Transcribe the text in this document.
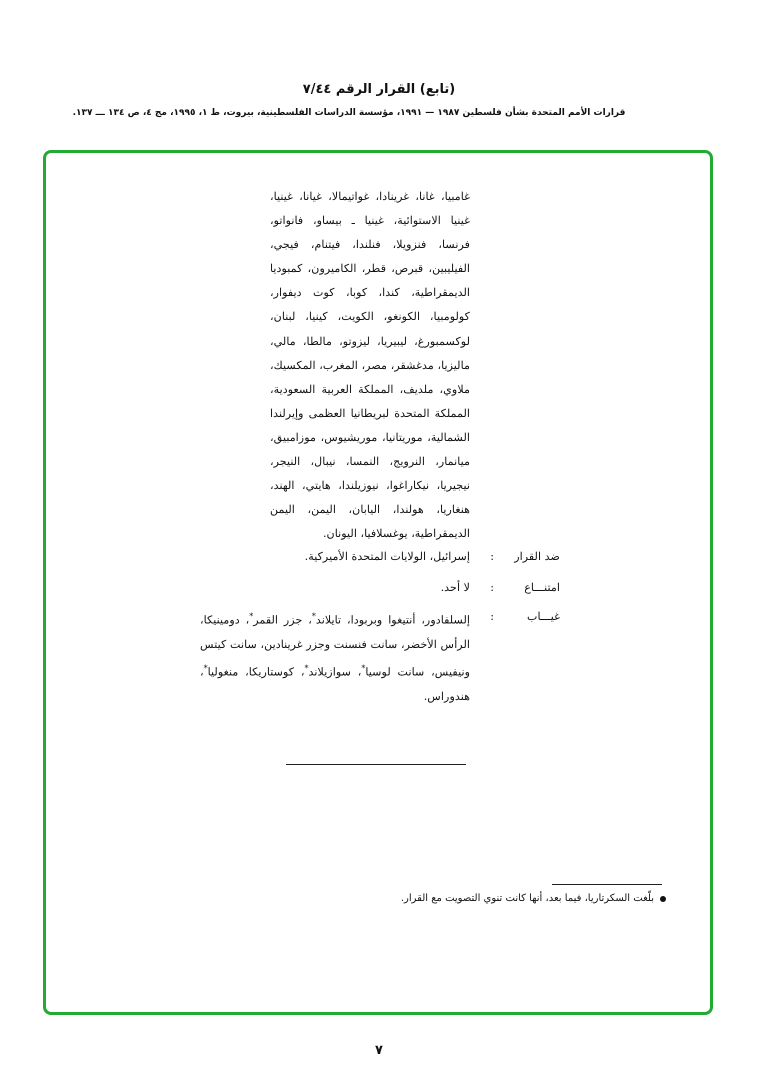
(تابع) القرار الرقم ٧/٤٤
قرارات الأمم المتحدة بشأن فلسطين ١٩٨٧ — ١٩٩١، مؤسسة الدراسات الفلسطينية، بيروت، ط ١، ١٩٩٥، مج ٤، ص ١٣٤ ـــ ١٣٧.

غامبيا، غانا، غرينادا، غواتيمالا، غيانا، غينيا، غينيا الاستوائية، غينيا ـ بيساو، فانواتو، فرنسا، فنزويلا، فنلندا، فيتنام، فيجي، الفيليبين، قبرص، قطر، الكاميرون، كمبوديا الديمقراطية، كندا، كوبا، كوت ديفوار، كولومبيا، الكونغو، الكويت، كينيا، لبنان، لوكسمبورغ، ليبيريا، ليزوتو، مالطا، مالي، ماليزيا، مدغشقر، مصر، المغرب، المكسيك، ملاوي، ملديف، المملكة العربية السعودية، المملكة المتحدة لبريطانيا العظمى وإيرلندا الشمالية، موريتانيا، موريشيوس، موزامبيق، ميانمار، النرويج، النمسا، نيبال، النيجر، نيجيريا، نيكاراغوا، نيوزيلندا، هايتي، الهند، هنغاريا، هولندا، اليابان، اليمن، اليمن الديمقراطية، يوغسلافيا، اليونان.

ضد القرار
:
إسرائيل، الولايات المتحدة الأميركية.
امتنـــاع
:
لا أحد.
غيـــاب
:
إلسلفادور، أنتيغوا وبربودا، تايلاند*، جزر القمر*، دومينيكا، الرأس الأخضر، سانت فنسنت وجزر غرينادين، سانت كيتس ونيفيس، سانت لوسيا*، سوازيلاند*، كوستاريكا، منغوليا*، هندوراس.
بلّغت السكرتاريا، فيما بعد، أنها كانت تنوي التصويت مع القرار.
٧
